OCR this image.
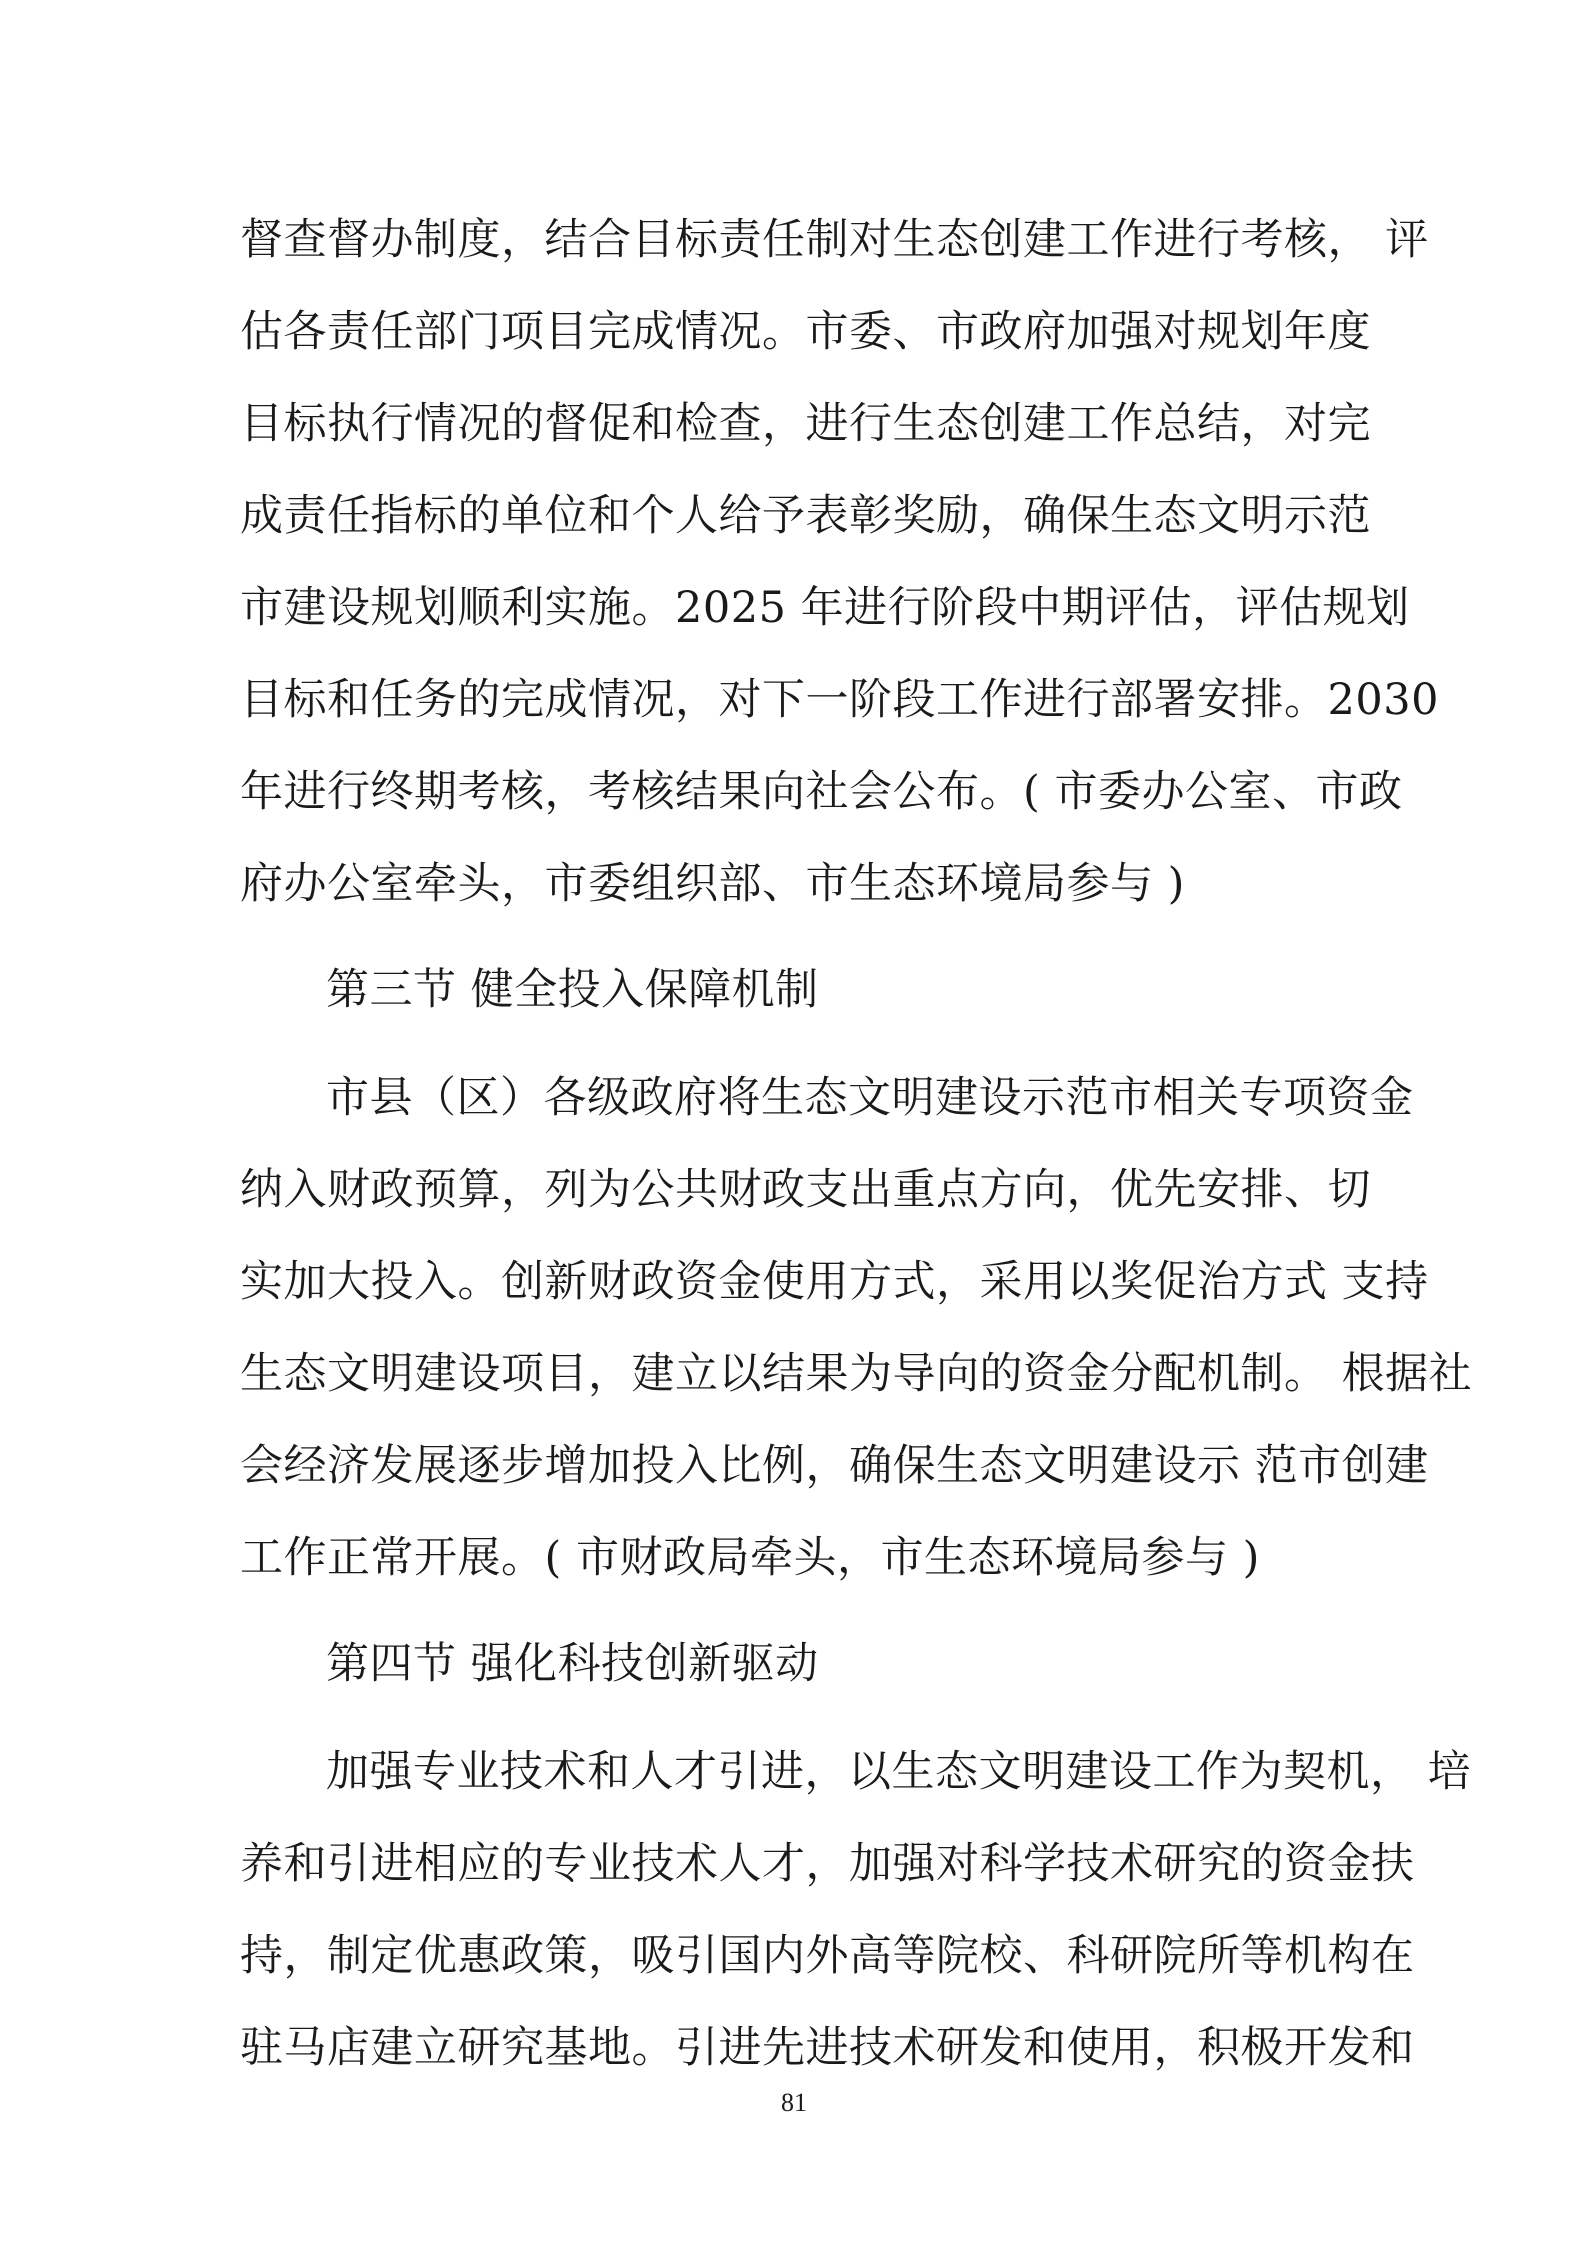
督查督办制度，结合目标责任制对生态创建工作进行考核， 评
估各责任部门项目完成情况。市委、市政府加强对规划年度
目标执行情况的督促和检查，进行生态创建工作总结，对完
成责任指标的单位和个人给予表彰奖励，确保生态文明示范
市建设规划顺利实施。2025 年进行阶段中期评估，评估规划
目标和任务的完成情况，对下一阶段工作进行部署安排。2030
年进行终期考核，考核结果向社会公布。( 市委办公室、市政
府办公室牵头，市委组织部、市生态环境局参与 )
第三节 健全投入保障机制
市县（区）各级政府将生态文明建设示范市相关专项资金
纳入财政预算，列为公共财政支出重点方向，优先安排、切
实加大投入。创新财政资金使用方式，采用以奖促治方式 支持
生态文明建设项目，建立以结果为导向的资金分配机制。 根据社
会经济发展逐步增加投入比例，确保生态文明建设示 范市创建
工作正常开展。( 市财政局牵头，市生态环境局参与 )
第四节 强化科技创新驱动
加强专业技术和人才引进，以生态文明建设工作为契机， 培
养和引进相应的专业技术人才，加强对科学技术研究的资金扶
持，制定优惠政策，吸引国内外高等院校、科研院所等机构在
驻马店建立研究基地。引进先进技术研发和使用，积极开发和
81
